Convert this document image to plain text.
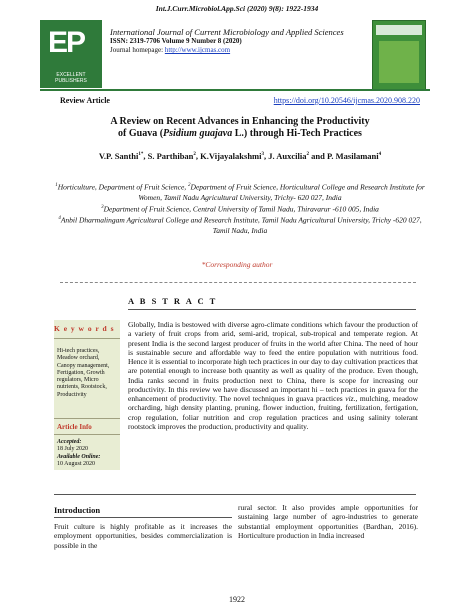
Int.J.Curr.Microbiol.App.Sci (2020) 9(8): 1922-1934
EP
EXCELLENT PUBLISHERS
International Journal of Current Microbiology and Applied Sciences
ISSN: 2319-7706 Volume 9 Number 8 (2020)
Journal homepage: http://www.ijcmas.com
Review Article	https://doi.org/10.20546/ijcmas.2020.908.220
A Review on Recent Advances in Enhancing the Productivity
of Guava (Psidium guajava L.) through Hi-Tech Practices
V.P. Santhi$^{1*}$, S. Parthiban$^2$, K.Vijayalakshmi$^3$, J. Auxcilia$^2$ and P. Masilamani$^4$
$^1$Horticulture, Department of Fruit Science, $^2$Department of Fruit Science, Horticultural College and Research Institute for Women, Tamil Nadu Agricultural University, Trichy- 620 027, India
$^3$Department of Fruit Science, Central University of Tamil Nadu, Thiravarur -610 005, India
$^4$Anbil Dharmalingam Agricultural College and Research Institute, Tamil Nadu Agricultural University, Trichy -620 027, Tamil Nadu, India
*Corresponding author
A B S T R A C T
K e y w o r d s
Hi-tech practices, Meadow orchard, Canopy management, Fertigation, Growth regulators, Micro nutrients, Rootstock, Productivity
Article Info
Accepted:
18 July 2020
Available Online:
10 August 2020
Globally, India is bestowed with diverse agro-climate conditions which favour the production of a variety of fruit crops from arid, semi-arid, tropical, sub-tropical and temperate region. At present India is the second largest producer of fruits in the world after China. The need of hour is sustainable secure and affordable way to feed the entire population with nutritious food. Hence it is essential to incorporate high tech practices in our day to day cultivation practices that are potential enough to increase both quantity as well as quality of the produce. Even though, India ranks second in fruits production next to China, there is scope for increasing our productivity. In this review we have discussed an important hi – tech practices in guava for the enhancement of productivity. The novel techniques in guava practices viz., mulching, meadow orcharding, high density planting, pruning, flower induction, fruiting, fertilization, fertigation, crop regulation, foliar nutrition and crop regulation practices and using salinity tolerant rootstock improves the production, productivity and quality.
Introduction
Fruit culture is highly profitable as it increases the employment opportunities, besides commercialization is possible in the
rural sector. It also provides ample opportunities for sustaining large number of agro-industries to generate substantial employment opportunities (Bardhan, 2016). Horticulture production in India increased
1922
